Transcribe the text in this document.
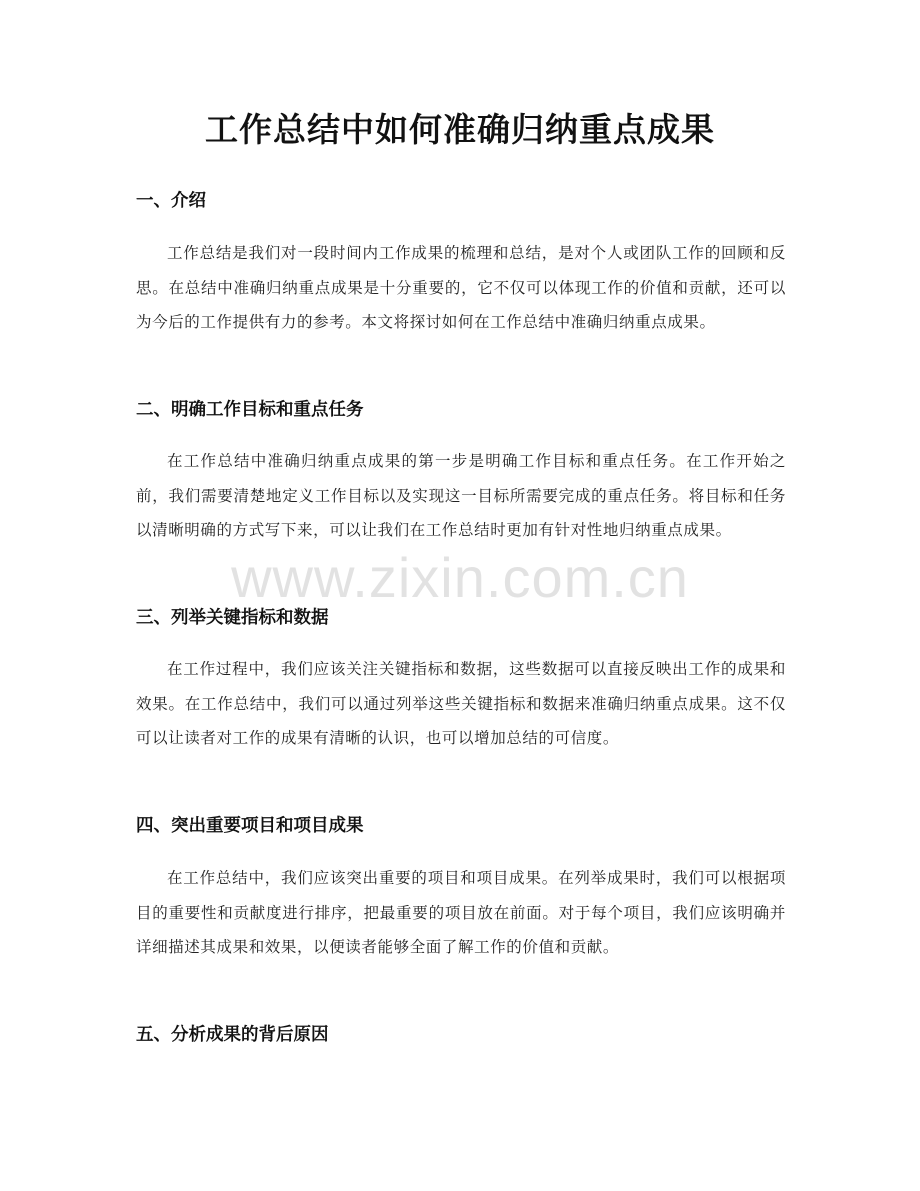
工作总结中如何准确归纳重点成果
一、介绍
工作总结是我们对一段时间内工作成果的梳理和总结，是对个人或团队工作的回顾和反思。在总结中准确归纳重点成果是十分重要的，它不仅可以体现工作的价值和贡献，还可以为今后的工作提供有力的参考。本文将探讨如何在工作总结中准确归纳重点成果。
二、明确工作目标和重点任务
在工作总结中准确归纳重点成果的第一步是明确工作目标和重点任务。在工作开始之前，我们需要清楚地定义工作目标以及实现这一目标所需要完成的重点任务。将目标和任务以清晰明确的方式写下来，可以让我们在工作总结时更加有针对性地归纳重点成果。
三、列举关键指标和数据
在工作过程中，我们应该关注关键指标和数据，这些数据可以直接反映出工作的成果和效果。在工作总结中，我们可以通过列举这些关键指标和数据来准确归纳重点成果。这不仅可以让读者对工作的成果有清晰的认识，也可以增加总结的可信度。
四、突出重要项目和项目成果
在工作总结中，我们应该突出重要的项目和项目成果。在列举成果时，我们可以根据项目的重要性和贡献度进行排序，把最重要的项目放在前面。对于每个项目，我们应该明确并详细描述其成果和效果，以便读者能够全面了解工作的价值和贡献。
五、分析成果的背后原因
www.zixin.com.cn
